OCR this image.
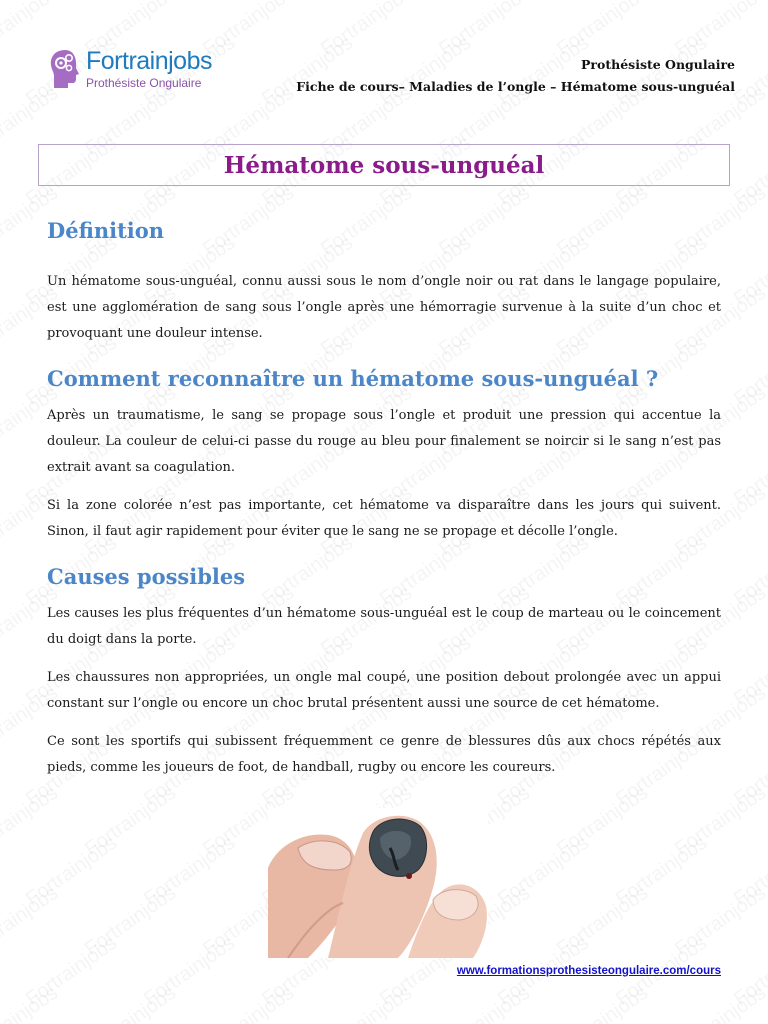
Fortrainjobs
Prothésiste Ongulaire
Prothésiste Ongulaire
Fiche de cours– Maladies de l’ongle – Hématome sous-unguéal
Hématome sous-unguéal
Définition

Un hématome sous-unguéal, connu aussi sous le nom d’ongle noir ou rat dans le langage populaire, est une agglomération de sang sous l’ongle après une hémorragie survenue à la suite d’un choc et provoquant une douleur intense.

Comment reconnaître un hématome sous-unguéal ?

Après un traumatisme, le sang se propage sous l’ongle et produit une pression qui accentue la douleur. La couleur de celui-ci passe du rouge au bleu pour finalement se noircir si le sang n’est pas extrait avant sa coagulation.

Si la zone colorée n’est pas importante, cet hématome va disparaître dans les jours qui suivent. Sinon, il faut agir rapidement pour éviter que le sang ne se propage et décolle l’ongle.

Causes possibles

Les causes les plus fréquentes d’un hématome sous-unguéal est le coup de marteau ou le coincement du doigt dans la porte.

Les chaussures non appropriées, un ongle mal coupé, une position debout prolongée avec un appui constant sur l’ongle ou encore un choc brutal présentent aussi une source de cet hématome.

Ce sont les sportifs qui subissent fréquemment ce genre de blessures dûs aux chocs répétés aux pieds, comme les joueurs de foot, de handball, rugby ou encore les coureurs.

www.formationsprothesisteongulaire.com/cours
